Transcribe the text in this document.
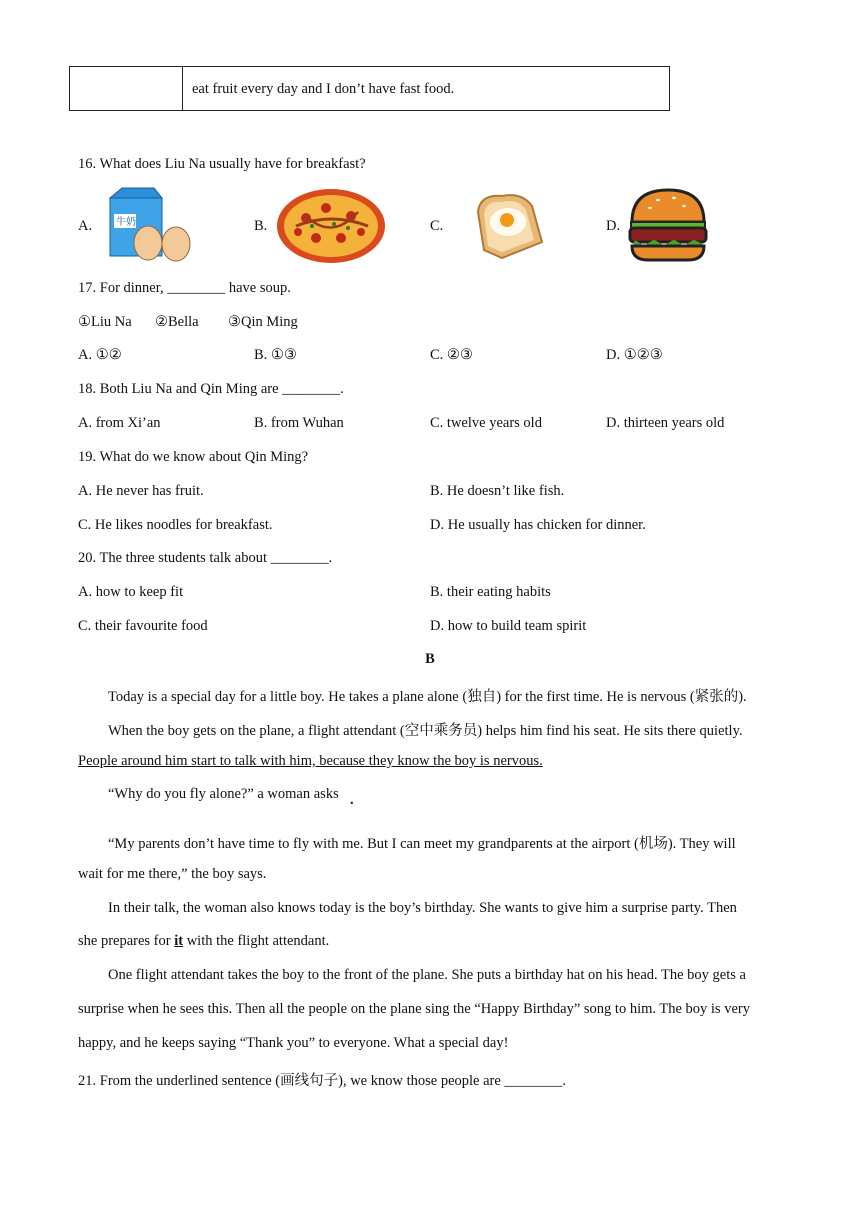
eat fruit every day and I don’t have fast food.
16. What does Liu Na usually have for breakfast?
A. 牛奶	B.	C.	D.
17. For dinner, ________ have soup.
①Liu Na ②Bella ③Qin Ming
A. ①②	B. ①③	C. ②③	D. ①②③
18. Both Liu Na and Qin Ming are ________.
A. from Xi’an	B. from Wuhan	C. twelve years old	D. thirteen years old
19. What do we know about Qin Ming?
A. He never has fruit.	B. He doesn’t like fish.
C. He likes noodles for breakfast.	D. He usually has chicken for dinner.
20. The three students talk about ________.
A. how to keep fit	B. their eating habits
C. their favourite food	D. how to build team spirit
B
Today is a special day for a little boy. He takes a plane alone (独自) for the first time. He is nervous (紧张的).
When the boy gets on the plane, a flight attendant (空中乘务员) helps him find his seat. He sits there quietly.
People around him start to talk with him, because they know the boy is nervous.
“Why do you fly alone?” a woman asks .
“My parents don’t have time to fly with me. But I can meet my grandparents at the airport (机场). They will
wait for me there,” the boy says.
In their talk, the woman also knows today is the boy’s birthday. She wants to give him a surprise party. Then
she prepares for it with the flight attendant.
One flight attendant takes the boy to the front of the plane. She puts a birthday hat on his head. The boy gets a
surprise when he sees this. Then all the people on the plane sing the “Happy Birthday” song to him. The boy is very
happy, and he keeps saying “Thank you” to everyone. What a special day!
21. From the underlined sentence (画线句子), we know those people are ________.
